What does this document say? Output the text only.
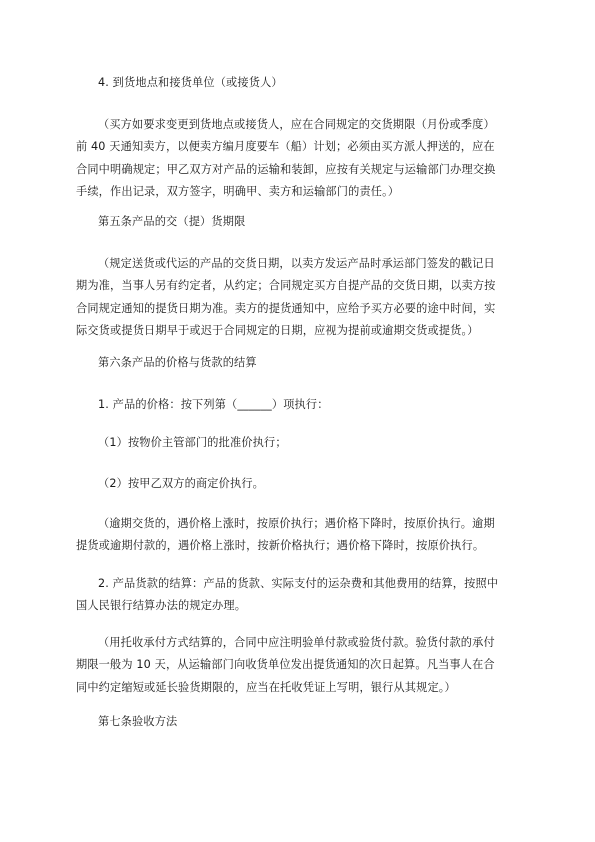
4. 到货地点和接货单位（或接货人）
（买方如要求变更到货地点或接货人，应在合同规定的交货期限（月份或季度）
前 40 天通知卖方，以便卖方编月度要车（船）计划；必须由买方派人押送的，应在
合同中明确规定；甲乙双方对产品的运输和装卸，应按有关规定与运输部门办理交换
手续，作出记录，双方签字，明确甲、卖方和运输部门的责任。）
第五条产品的交（提）货期限
（规定送货或代运的产品的交货日期，以卖方发运产品时承运部门签发的戳记日
期为准，当事人另有约定者，从约定；合同规定买方自提产品的交货日期，以卖方按
合同规定通知的提货日期为准。卖方的提货通知中，应给予买方必要的途中时间，实
际交货或提货日期早于或迟于合同规定的日期，应视为提前或逾期交货或提货。）
第六条产品的价格与货款的结算
1. 产品的价格：按下列第（______）项执行：
（1）按物价主管部门的批准价执行；
（2）按甲乙双方的商定价执行。
（逾期交货的，遇价格上涨时，按原价执行；遇价格下降时，按原价执行。逾期
提货或逾期付款的，遇价格上涨时，按新价格执行；遇价格下降时，按原价执行。
2. 产品货款的结算：产品的货款、实际支付的运杂费和其他费用的结算，按照中
国人民银行结算办法的规定办理。
（用托收承付方式结算的，合同中应注明验单付款或验货付款。验货付款的承付
期限一般为 10 天，从运输部门向收货单位发出提货通知的次日起算。凡当事人在合
同中约定缩短或延长验货期限的，应当在托收凭证上写明，银行从其规定。）
第七条验收方法
